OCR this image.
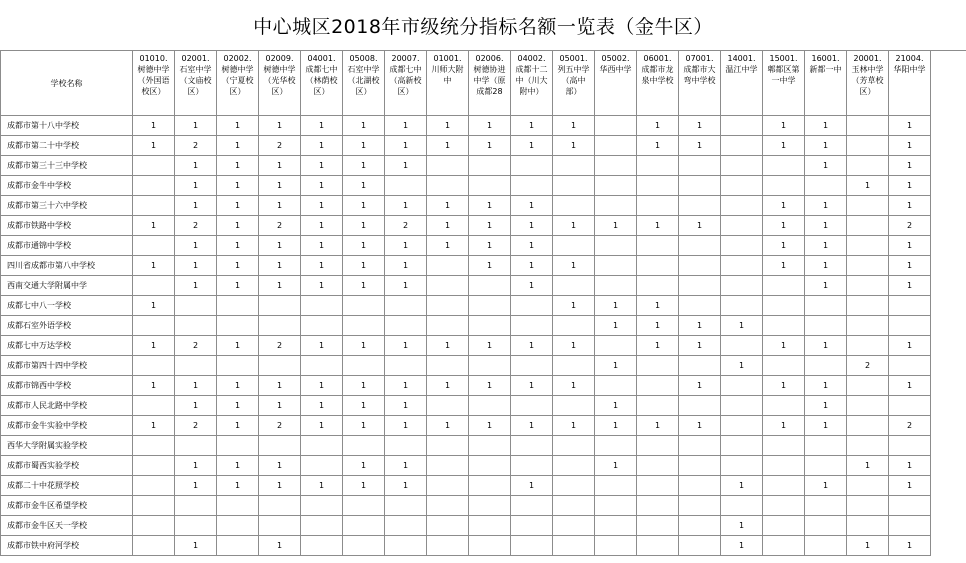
中心城区2018年市级统分指标名额一览表（金牛区）
学校名称	01010.树德中学（外国语校区）	02001.石室中学（文庙校区）	02002.树德中学（宁夏校区）	02009.树德中学（光华校区）	04001.成都七中（林荫校区）	05008.石室中学（北湖校区）	20007.成都七中（高新校区）	01001.川师大附中	02006.树德协进中学（原成都28	04002.成都十二中（川大附中）	05001.列五中学（高中部）	05002.华西中学	06001.成都市龙泉中学校	07001.成都市大弯中学校	14001.温江中学	15001.郫都区第一中学	16001.新都一中	20001.玉林中学（芳草校区）	21004.华阳中学

成都市第十八中学校	1	1	1	1	1	1	1	1	1	1	1		1	1		1	1		1
成都市第二十中学校	1	2	1	2	1	1	1	1	1	1	1		1	1		1	1		1
成都市第三十三中学校		1	1	1	1	1	1										1		1
成都市金牛中学校		1	1	1	1	1												1	1
成都市第三十六中学校		1	1	1	1	1	1	1	1	1						1	1		1
成都市铁路中学校	1	2	1	2	1	1	2	1	1	1	1	1	1	1		1	1		2
成都市通锦中学校		1	1	1	1	1	1	1	1	1						1	1		1
四川省成都市第八中学校	1	1	1	1	1	1	1		1	1	1					1	1		1
西南交通大学附属中学		1	1	1	1	1	1			1							1		1
成都七中八一学校	1										1	1	1						
成都石室外语学校												1	1	1	1				
成都七中万达学校	1	2	1	2	1	1	1	1	1	1	1		1	1		1	1		1
成都市第四十四中学校												1			1			2	
成都市锦西中学校	1	1	1	1	1	1	1	1	1	1	1			1		1	1		1
成都市人民北路中学校		1	1	1	1	1	1					1					1		
成都市金牛实验中学校	1	2	1	2	1	1	1	1	1	1	1	1	1	1		1	1		2
西华大学附属实验学校																			
成都市蜀西实验学校		1	1	1		1	1					1						1	1
成都二十中花照学校		1	1	1	1	1	1			1					1		1		1
成都市金牛区希望学校																			
成都市金牛区天一学校															1				
成都市铁中府河学校		1		1											1			1	1
